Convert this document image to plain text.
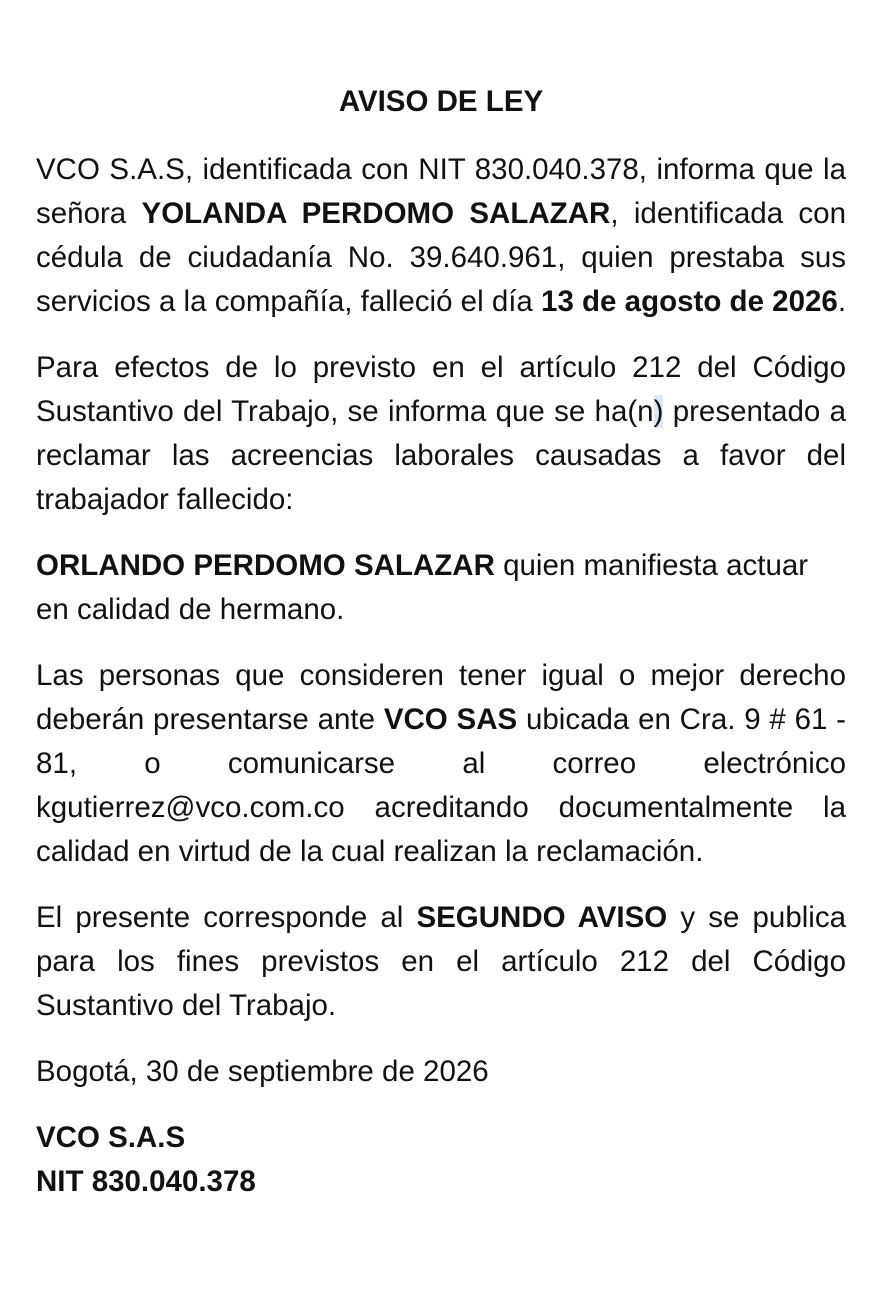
AVISO DE LEY

VCO S.A.S, identificada con NIT 830.040.378, informa que la señora YOLANDA PERDOMO SALAZAR, identificada con cédula de ciudadanía No. 39.640.961, quien prestaba sus servicios a la compañía, falleció el día 13 de agosto de 2026.

Para efectos de lo previsto en el artículo 212 del Código Sustantivo del Trabajo, se informa que se ha(n) presentado a reclamar las acreencias laborales causadas a favor del trabajador fallecido:

ORLANDO PERDOMO SALAZAR quien manifiesta actuar en calidad de hermano.

Las personas que consideren tener igual o mejor derecho deberán presentarse ante VCO SAS ubicada en Cra. 9 # 61 - 81, o comunicarse al correo electrónico kgutierrez@vco.com.co acreditando documentalmente la calidad en virtud de la cual realizan la reclamación.

El presente corresponde al SEGUNDO AVISO y se publica para los fines previstos en el artículo 212 del Código Sustantivo del Trabajo.

Bogotá, 30 de septiembre de 2026

VCO S.A.S
NIT 830.040.378
